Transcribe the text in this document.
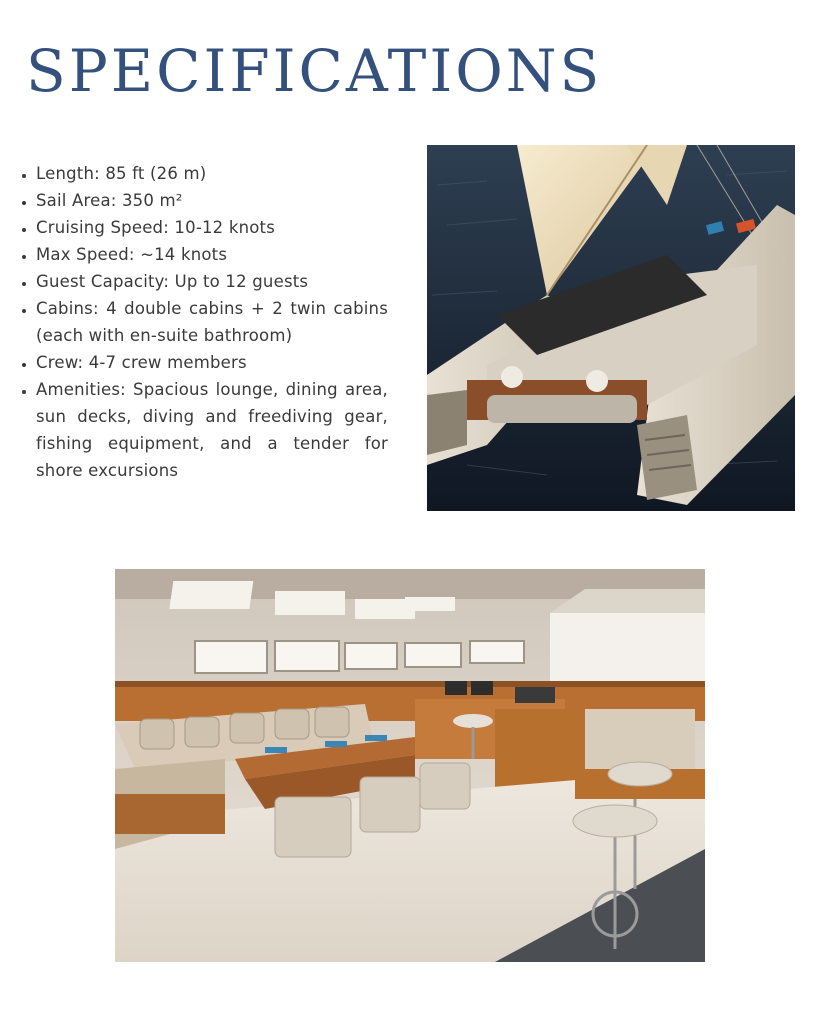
SPECIFICATIONS
• Length: 85 ft (26 m)
• Sail Area: 350 m²
• Cruising Speed: 10-12 knots
• Max Speed: ~14 knots
• Guest Capacity: Up to 12 guests
• Cabins: 4 double cabins + 2 twin cabins (each with en-suite bathroom)
• Crew: 4-7 crew members
• Amenities: Spacious lounge, dining area, sun decks, diving and freediving gear, fishing equipment, and a tender for shore excursions
